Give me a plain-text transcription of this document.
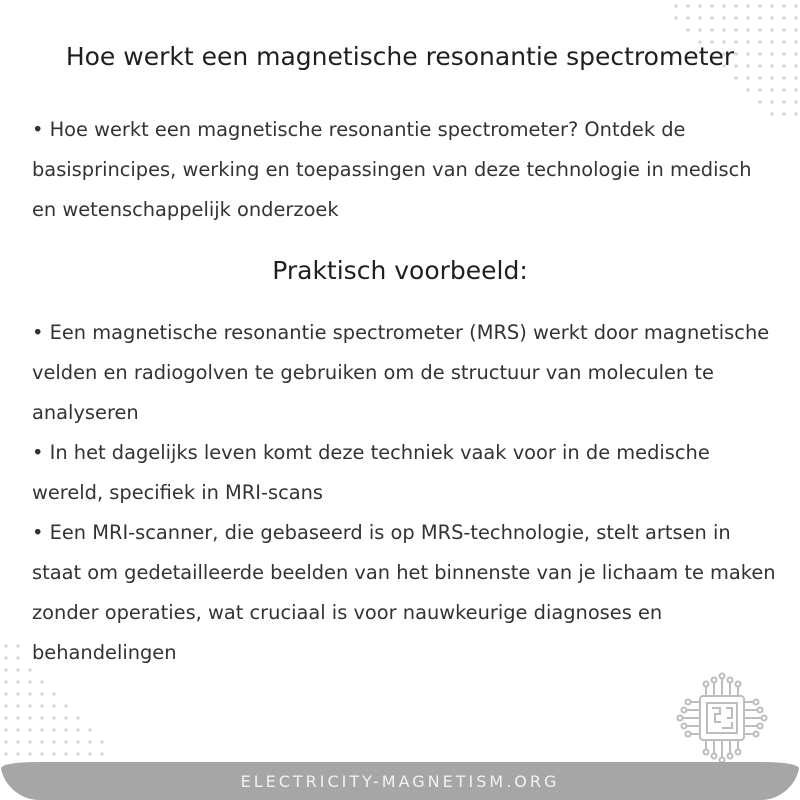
Hoe werkt een magnetische resonantie spectrometer

• Hoe werkt een magnetische resonantie spectrometer? Ontdek de basisprincipes, werking en toepassingen van deze technologie in medisch en wetenschappelijk onderzoek

Praktisch voorbeeld:
• Een magnetische resonantie spectrometer (MRS) werkt door magnetische velden en radiogolven te gebruiken om de structuur van moleculen te analyseren
• In het dagelijks leven komt deze techniek vaak voor in de medische wereld, specifiek in MRI-scans
• Een MRI-scanner, die gebaseerd is op MRS-technologie, stelt artsen in staat om gedetailleerde beelden van het binnenste van je lichaam te maken zonder operaties, wat cruciaal is voor nauwkeurige diagnoses en behandelingen
ELECTRICITY-MAGNETISM.ORG
